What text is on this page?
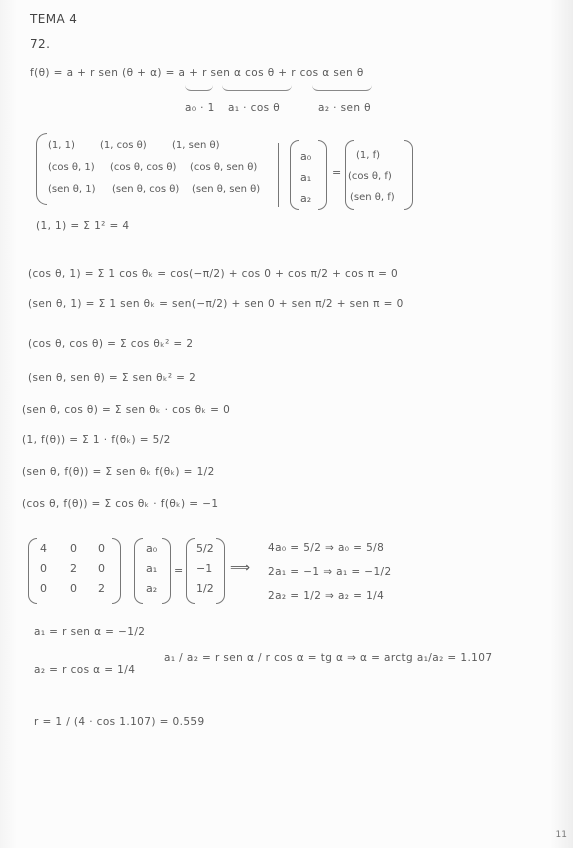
TEMA 4
72.
f(θ) = a + r sen (θ + α) = a + r sen α cos θ + r cos α sen θ
a₀ · 1 a₁ · cos θ	a₂ · sen θ
(1, 1)	(1, cos θ)	(1, sen θ)
(cos θ, 1) (cos θ, cos θ) (cos θ, sen θ)
(sen θ, 1) (sen θ, cos θ) (sen θ, sen θ)
a₀
a₁
a₂
=
(1, f)
(cos θ, f)
(sen θ, f)
(1, 1) = Σ 1² = 4
(cos θ, 1) = Σ 1 cos θₖ = cos(−π/2) + cos 0 + cos π/2 + cos π = 0
(sen θ, 1) = Σ 1 sen θₖ = sen(−π/2) + sen 0 + sen π/2 + sen π = 0
(cos θ, cos θ) = Σ cos θₖ² = 2
(sen θ, sen θ) = Σ sen θₖ² = 2
(sen θ, cos θ) = Σ sen θₖ · cos θₖ = 0
(1, f(θ)) = Σ 1 · f(θₖ) = 5/2
(sen θ, f(θ)) = Σ sen θₖ f(θₖ) = 1/2
(cos θ, f(θ)) = Σ cos θₖ · f(θₖ) = −1
4 0 0
0 2 0
0 0 2
a₀
a₁
a₂
=
5/2
−1
1/2
⟹
4a₀ = 5/2 ⇒ a₀ = 5/8
2a₁ = −1 ⇒ a₁ = −1/2
2a₂ = 1/2 ⇒ a₂ = 1/4
a₁ = r sen α = −1/2
a₂ = r cos α = 1/4
a₁ / a₂ = r sen α / r cos α = tg α ⇒ α = arctg a₁/a₂ = 1.107
r = 1 / (4 · cos 1.107) = 0.559
11
